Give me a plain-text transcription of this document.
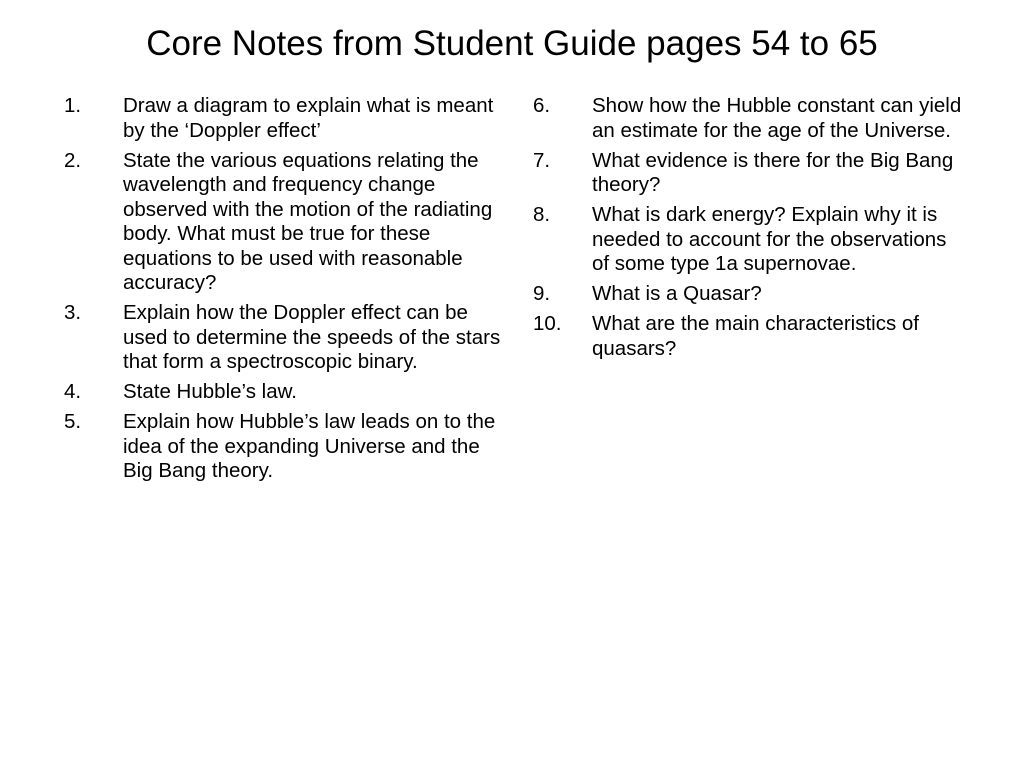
Core Notes from Student Guide pages 54 to 65
1.	Draw a diagram to explain what is meant by the ‘Doppler effect’
2.	State the various equations relating the wavelength and frequency change observed with the motion of the radiating body. What must be true for these equations to be used with reasonable accuracy?
3.	Explain how the Doppler effect can be used to determine the speeds of the stars that form a spectroscopic binary.
4.	State Hubble’s law.
5.	Explain how Hubble’s law leads on to the idea of the expanding Universe and the Big Bang theory.
6.	Show how the Hubble constant can yield an estimate for the age of the Universe.
7.	What evidence is there for the Big Bang theory?
8.	What is dark energy? Explain why it is needed to account for the observations of some type 1a supernovae.
9.	What is a Quasar?
10.	What are the main characteristics of quasars?
